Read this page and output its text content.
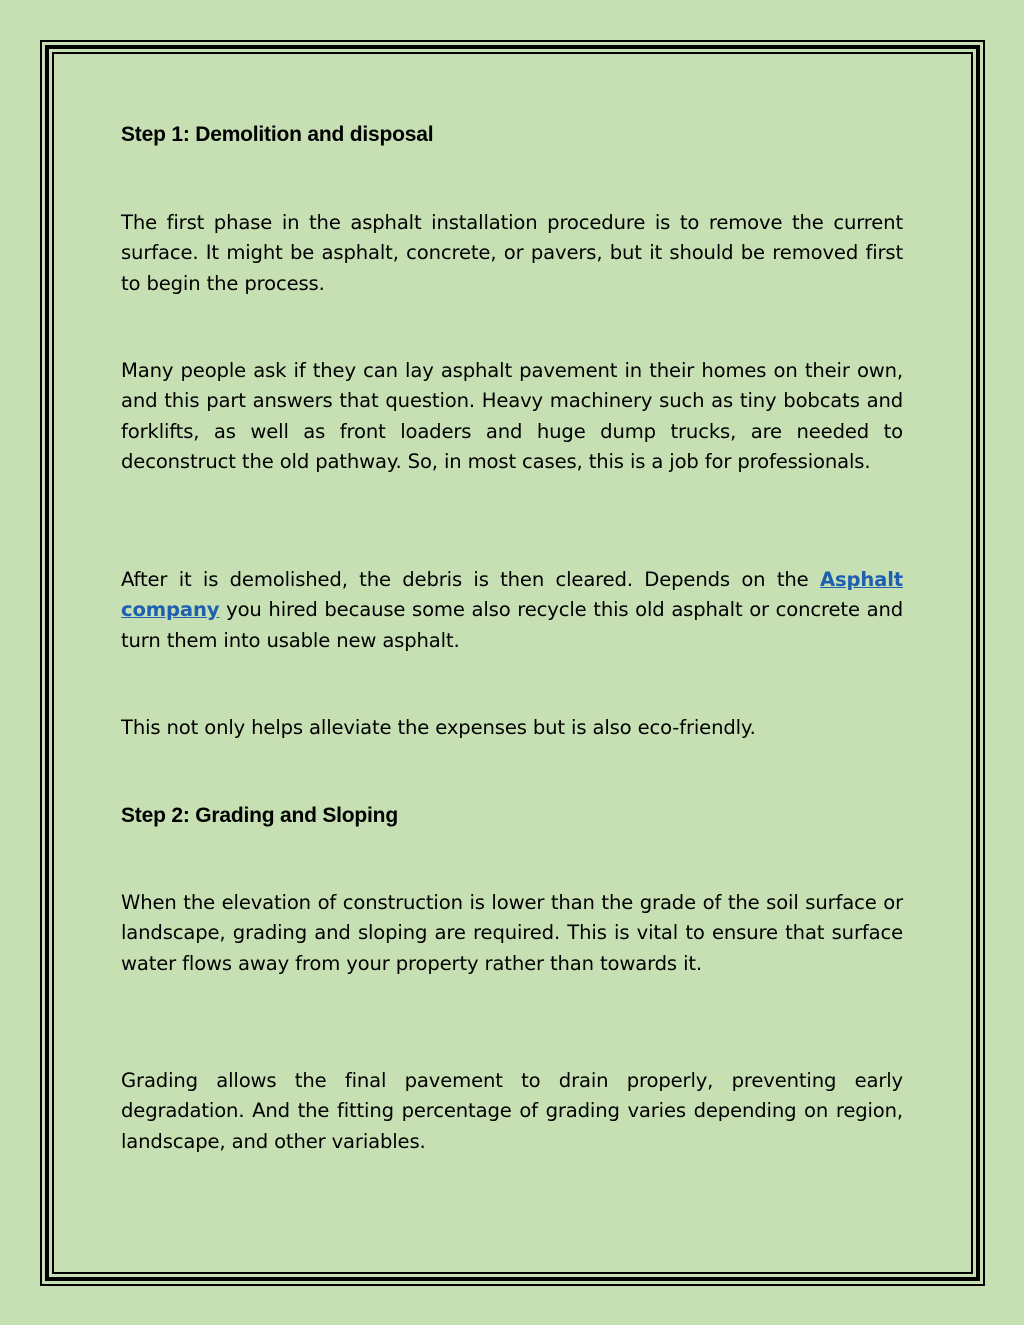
Step 1: Demolition and disposal

The first phase in the asphalt installation procedure is to remove the current surface. It might be asphalt, concrete, or pavers, but it should be removed first to begin the process.

Many people ask if they can lay asphalt pavement in their homes on their own, and this part answers that question. Heavy machinery such as tiny bobcats and forklifts, as well as front loaders and huge dump trucks, are needed to deconstruct the old pathway. So, in most cases, this is a job for professionals.

After it is demolished, the debris is then cleared. Depends on the Asphalt company you hired because some also recycle this old asphalt or concrete and turn them into usable new asphalt.

This not only helps alleviate the expenses but is also eco-friendly.

Step 2: Grading and Sloping

When the elevation of construction is lower than the grade of the soil surface or landscape, grading and sloping are required. This is vital to ensure that surface water flows away from your property rather than towards it.

Grading allows the final pavement to drain properly, preventing early degradation. And the fitting percentage of grading varies depending on region, landscape, and other variables.
